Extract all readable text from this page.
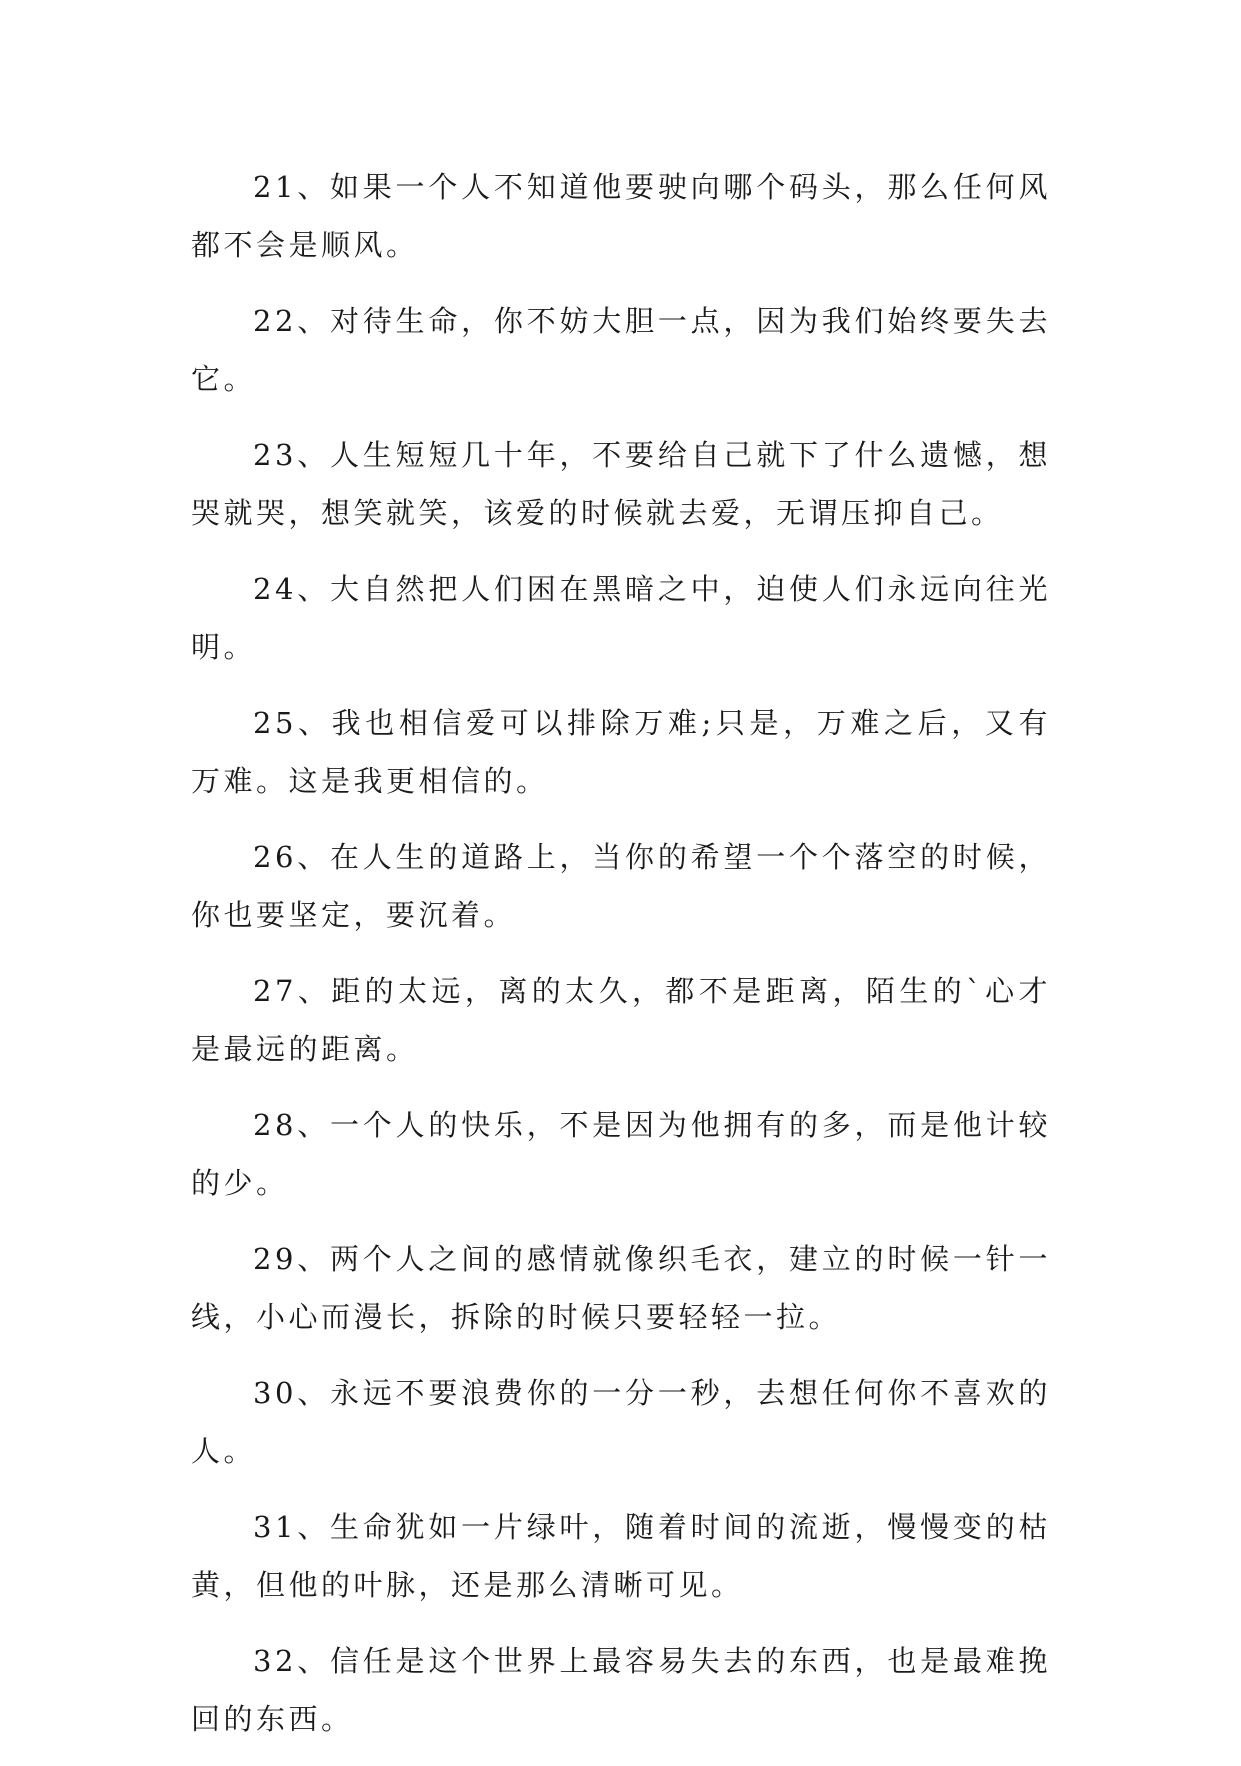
21、如果一个人不知道他要驶向哪个码头，那么任何风都不会是顺风。

22、对待生命，你不妨大胆一点，因为我们始终要失去它。

23、人生短短几十年，不要给自己就下了什么遗憾，想哭就哭，想笑就笑，该爱的时候就去爱，无谓压抑自己。

24、大自然把人们困在黑暗之中，迫使人们永远向往光明。

25、我也相信爱可以排除万难;只是，万难之后，又有万难。这是我更相信的。

26、在人生的道路上，当你的希望一个个落空的时候，你也要坚定，要沉着。

27、距的太远，离的太久，都不是距离，陌生的`心才是最远的距离。

28、一个人的快乐，不是因为他拥有的多，而是他计较的少。

29、两个人之间的感情就像织毛衣，建立的时候一针一线，小心而漫长，拆除的时候只要轻轻一拉。

30、永远不要浪费你的一分一秒，去想任何你不喜欢的人。

31、生命犹如一片绿叶，随着时间的流逝，慢慢变的枯黄，但他的叶脉，还是那么清晰可见。

32、信任是这个世界上最容易失去的东西，也是最难挽回的东西。
